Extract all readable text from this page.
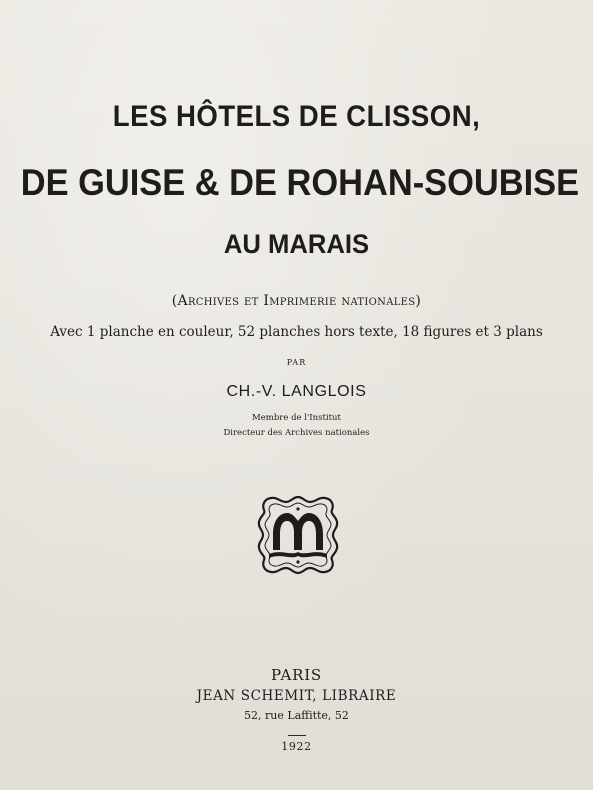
LES HÔTELS DE CLISSON,
DE GUISE & DE ROHAN-SOUBISE
AU MARAIS
(Archives et Imprimerie nationales)
Avec 1 planche en couleur, 52 planches hors texte, 18 figures et 3 plans
PAR
CH.-V. LANGLOIS
Membre de l'Institut
Directeur des Archives nationales
PARIS
JEAN SCHEMIT, LIBRAIRE
52, rue Laffitte, 52
1922
